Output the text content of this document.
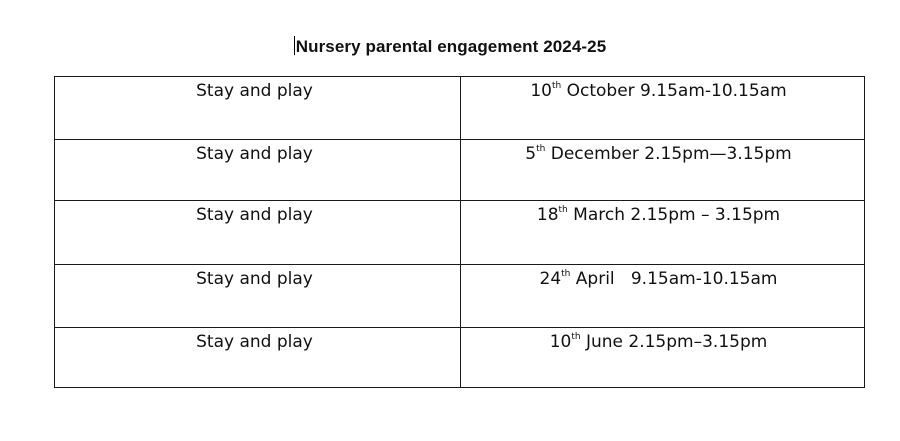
Nursery parental engagement 2024-25
Stay and play	10th October 9.15am-10.15am

Stay and play	5th December 2.15pm—3.15pm

Stay and play	18th March 2.15pm – 3.15pm

Stay and play	24th April   9.15am-10.15am

Stay and play	10th June 2.15pm–3.15pm
